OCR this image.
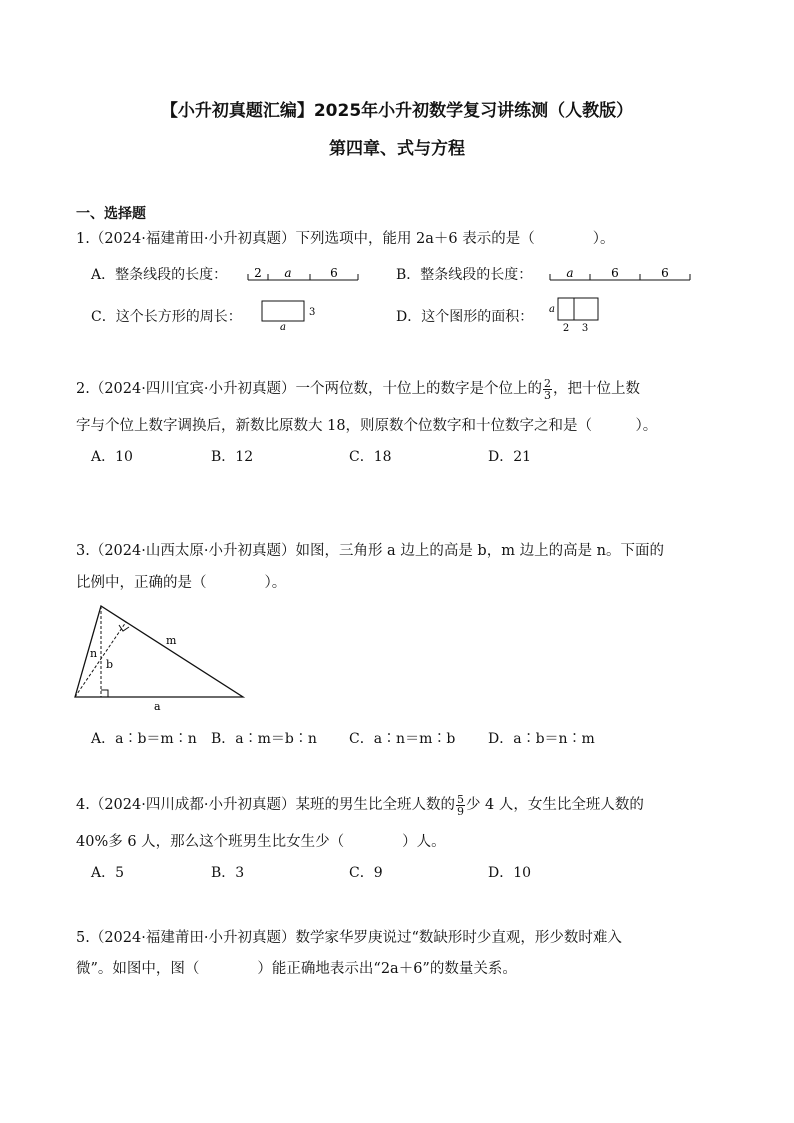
【小升初真题汇编】2025年小升初数学复习讲练测（人教版）
第四章、式与方程
一、选择题
1.（2024·福建莆田·小升初真题）下列选项中，能用 2a＋6 表示的是（　　　　）。
A．整条线段的长度： 2 a	6	B．整条线段的长度：	a	6	6
C．这个长方形的周长：
a
3	D．这个图形的面积： a
2 3
2.（2024·四川宜宾·小升初真题）一个两位数，十位上的数字是个位上的 $\frac{2}{3}$ ，把十位上数
字与个位上数字调换后，新数比原数大 18，则原数个位数字和十位数字之和是（　　　）。
A．10	B．12	C．18	D．21
3.（2024·山西太原·小升初真题）如图，三角形 a 边上的高是 b，m 边上的高是 n。下面的
比例中，正确的是（　　　　）。
m
n
b
a
A．a∶b＝m∶n B．a∶m＝b∶n C．a∶n＝m∶b D．a∶b＝n∶m
4.（2024·四川成都·小升初真题）某班的男生比全班人数的 $\frac{5}{9}$ 少 4 人，女生比全班人数的
40%多 6 人，那么这个班男生比女生少（　　　　）人。
A．5	B．3	C．9	D．10
5.（2024·福建莆田·小升初真题）数学家华罗庚说过“数缺形时少直观，形少数时难入
微”。如图中，图（　　　　）能正确地表示出“2a＋6”的数量关系。
